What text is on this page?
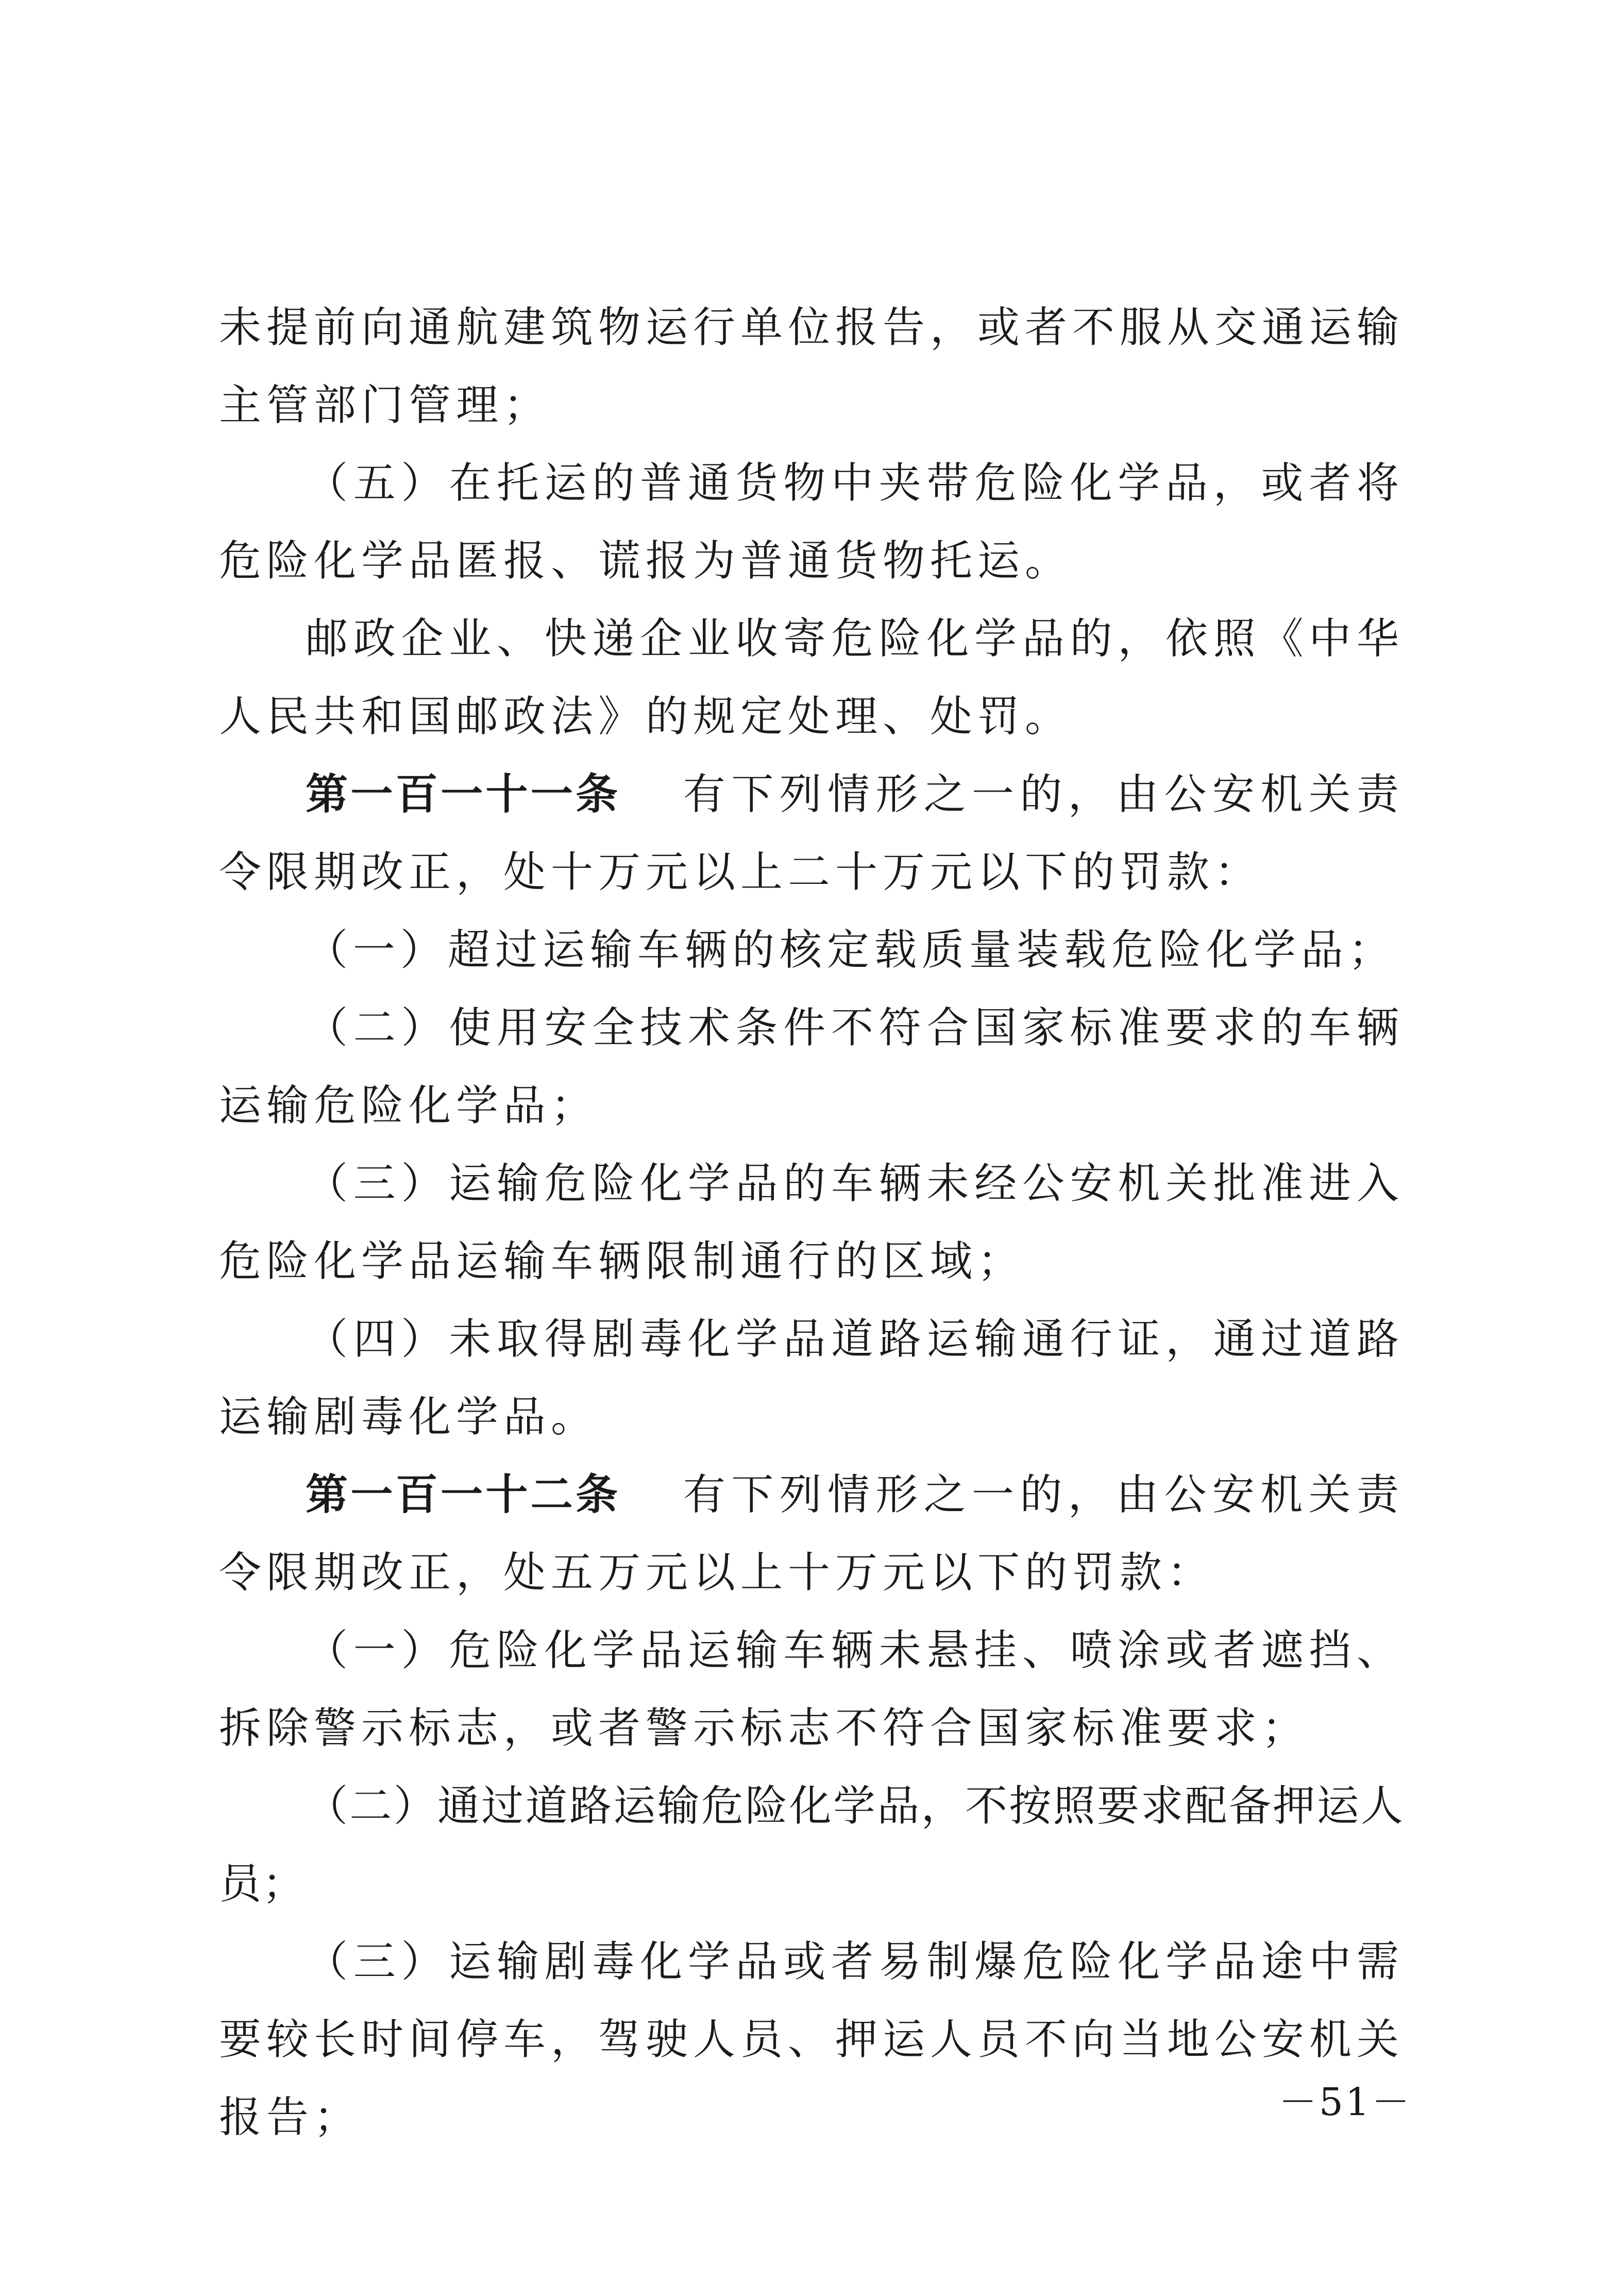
未提前向通航建筑物运行单位报告，或者不服从交通运输主管部门管理；

（五）在托运的普通货物中夹带危险化学品，或者将危险化学品匿报、谎报为普通货物托运。

邮政企业、快递企业收寄危险化学品的，依照《中华人民共和国邮政法》的规定处理、处罚。

第一百一十一条 有下列情形之一的，由公安机关责令限期改正，处十万元以上二十万元以下的罚款：

（一）超过运输车辆的核定载质量装载危险化学品；

（二）使用安全技术条件不符合国家标准要求的车辆运输危险化学品；

（三）运输危险化学品的车辆未经公安机关批准进入危险化学品运输车辆限制通行的区域；

（四）未取得剧毒化学品道路运输通行证，通过道路运输剧毒化学品。

第一百一十二条 有下列情形之一的，由公安机关责令限期改正，处五万元以上十万元以下的罚款：

（一）危险化学品运输车辆未悬挂、喷涂或者遮挡、拆除警示标志，或者警示标志不符合国家标准要求；

（二）通过道路运输危险化学品，不按照要求配备押运人员；

（三）运输剧毒化学品或者易制爆危险化学品途中需要较长时间停车，驾驶人员、押运人员不向当地公安机关报告；	－51－
